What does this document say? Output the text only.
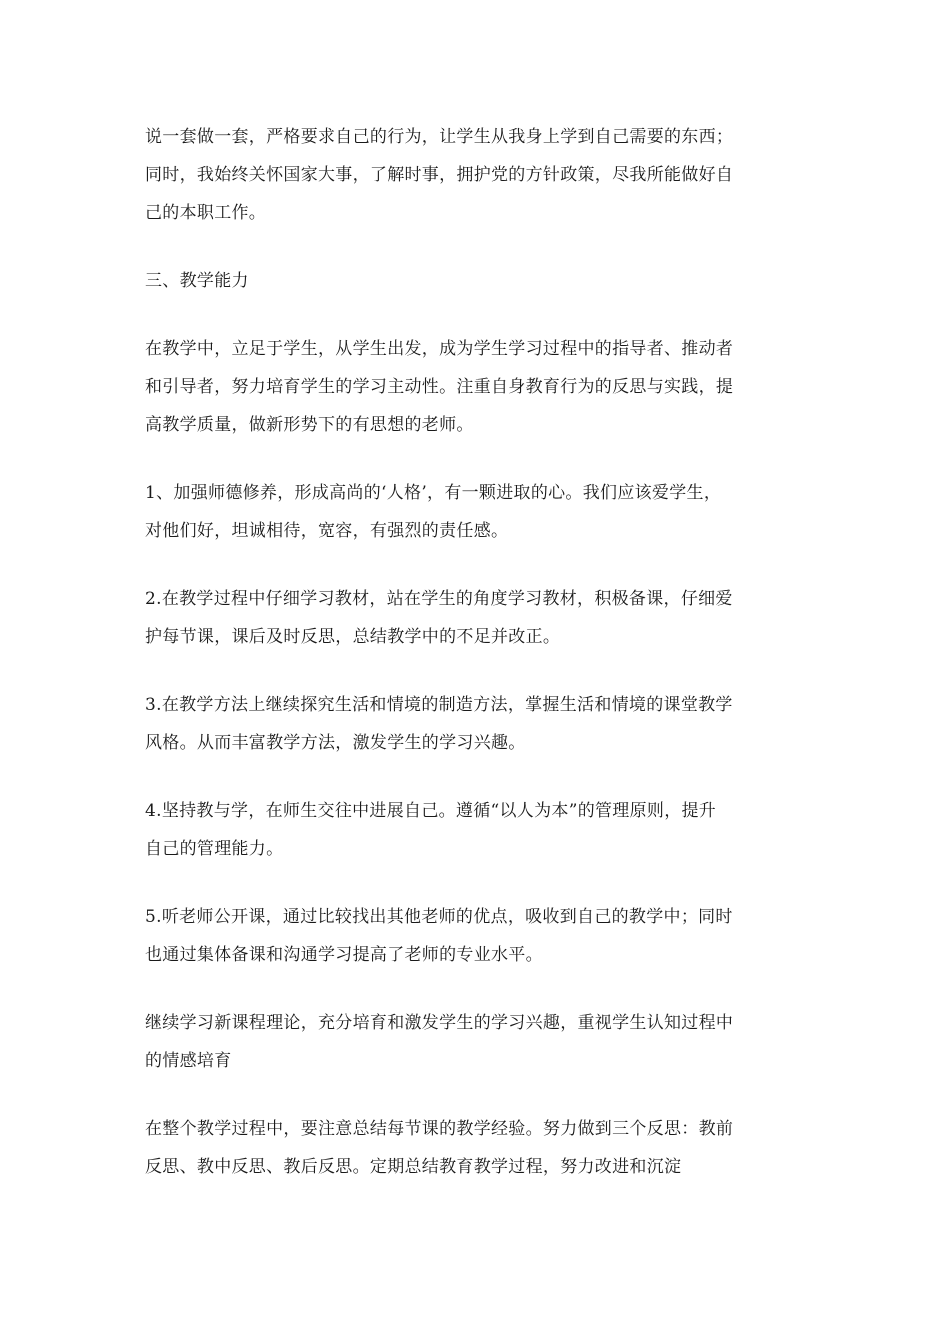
说一套做一套，严格要求自己的行为，让学生从我身上学到自己需要的东西；
同时，我始终关怀国家大事，了解时事，拥护党的方针政策，尽我所能做好自
己的本职工作。

三、教学能力

在教学中，立足于学生，从学生出发，成为学生学习过程中的指导者、推动者
和引导者，努力培育学生的学习主动性。注重自身教育行为的反思与实践，提
高教学质量，做新形势下的有思想的老师。

1、加强师德修养，形成高尚的‘人格’，有一颗进取的心。我们应该爱学生，
对他们好，坦诚相待，宽容，有强烈的责任感。

2.在教学过程中仔细学习教材，站在学生的角度学习教材，积极备课，仔细爱
护每节课，课后及时反思，总结教学中的不足并改正。

3.在教学方法上继续探究生活和情境的制造方法，掌握生活和情境的课堂教学
风格。从而丰富教学方法，激发学生的学习兴趣。

4.坚持教与学，在师生交往中进展自己。遵循“以人为本”的管理原则，提升
自己的管理能力。

5.听老师公开课，通过比较找出其他老师的优点，吸收到自己的教学中；同时
也通过集体备课和沟通学习提高了老师的专业水平。

继续学习新课程理论，充分培育和激发学生的学习兴趣，重视学生认知过程中
的情感培育

在整个教学过程中，要注意总结每节课的教学经验。努力做到三个反思：教前
反思、教中反思、教后反思。定期总结教育教学过程，努力改进和沉淀
